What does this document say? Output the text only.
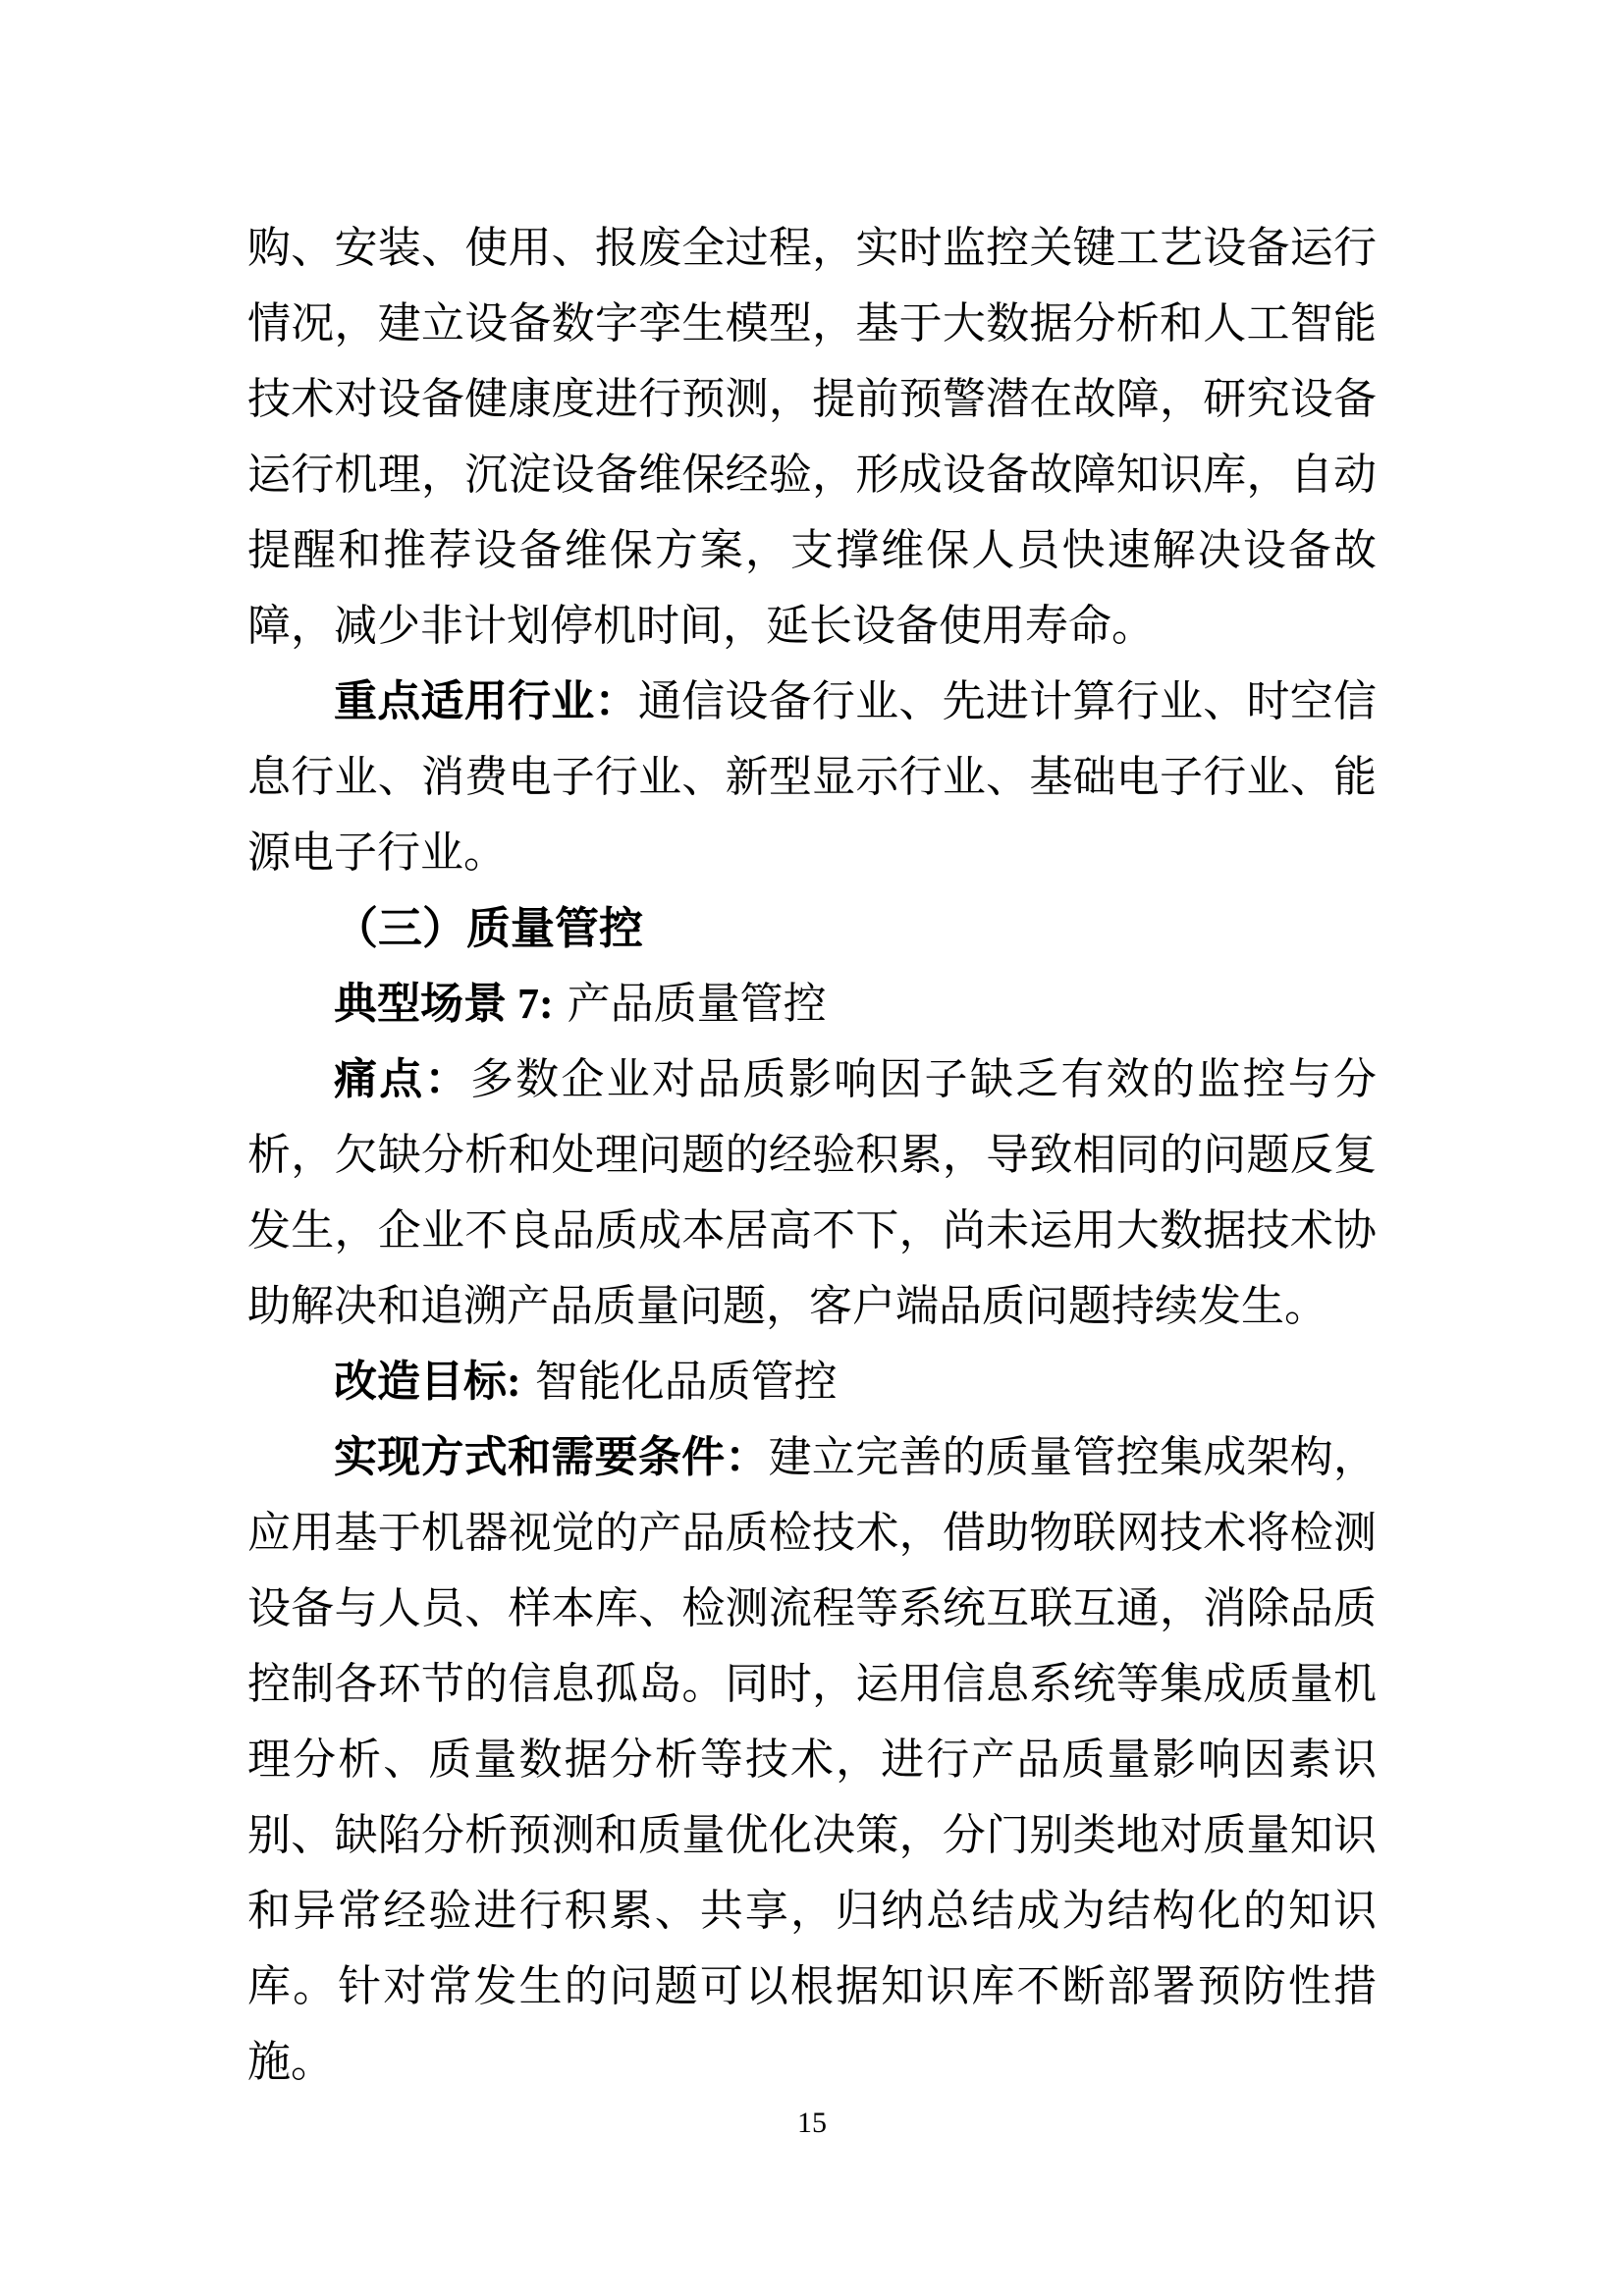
购、安装、使用、报废全过程，实时监控关键工艺设备运行情况，建立设备数字孪生模型，基于大数据分析和人工智能技术对设备健康度进行预测，提前预警潜在故障，研究设备运行机理，沉淀设备维保经验，形成设备故障知识库，自动提醒和推荐设备维保方案，支撑维保人员快速解决设备故障，减少非计划停机时间，延长设备使用寿命。

重点适用行业：通信设备行业、先进计算行业、时空信息行业、消费电子行业、新型显示行业、基础电子行业、能源电子行业。

（三）质量管控

典型场景 7: 产品质量管控

痛点：多数企业对品质影响因子缺乏有效的监控与分析，欠缺分析和处理问题的经验积累，导致相同的问题反复发生，企业不良品质成本居高不下，尚未运用大数据技术协助解决和追溯产品质量问题，客户端品质问题持续发生。

改造目标: 智能化品质管控

实现方式和需要条件：建立完善的质量管控集成架构，应用基于机器视觉的产品质检技术，借助物联网技术将检测设备与人员、样本库、检测流程等系统互联互通，消除品质控制各环节的信息孤岛。同时，运用信息系统等集成质量机理分析、质量数据分析等技术，进行产品质量影响因素识别、缺陷分析预测和质量优化决策，分门别类地对质量知识和异常经验进行积累、共享，归纳总结成为结构化的知识库。针对常发生的问题可以根据知识库不断部署预防性措施。

15
